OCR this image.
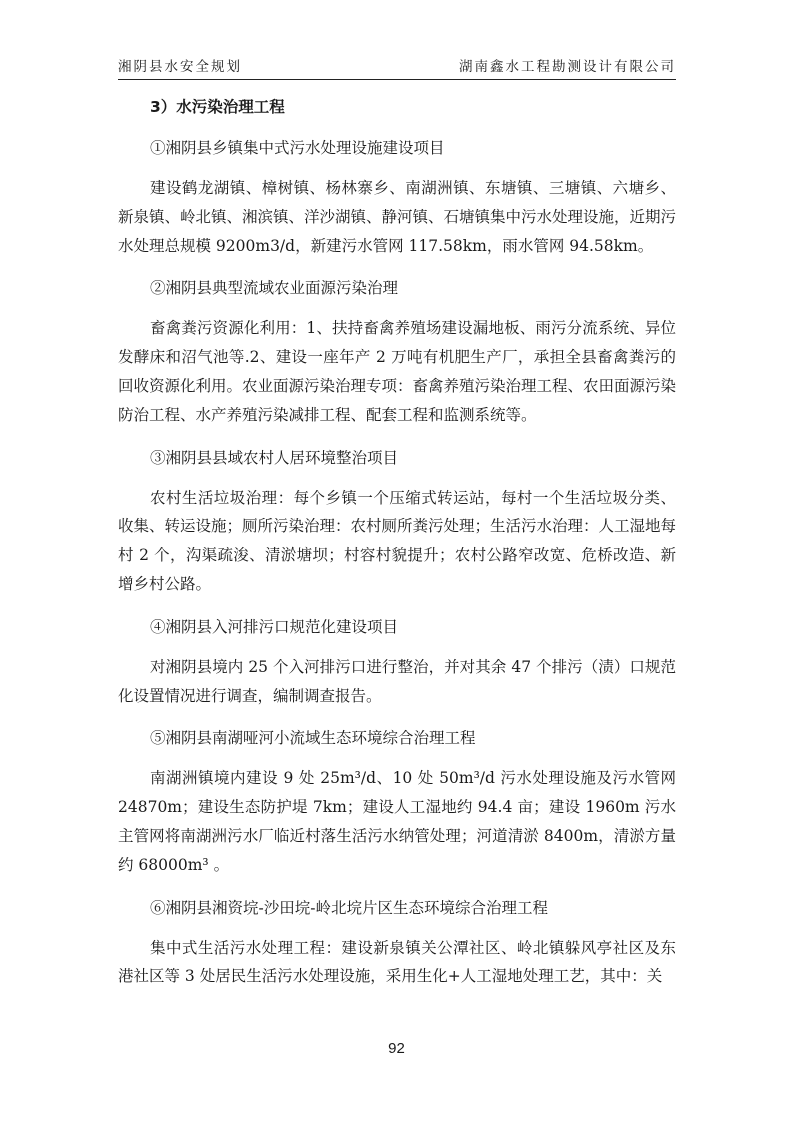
湘阴县水安全规划	湖南鑫水工程勘测设计有限公司

3）水污染治理工程

①湘阴县乡镇集中式污水处理设施建设项目

建设鹤龙湖镇、樟树镇、杨林寨乡、南湖洲镇、东塘镇、三塘镇、六塘乡、新泉镇、岭北镇、湘滨镇、洋沙湖镇、静河镇、石塘镇集中污水处理设施，近期污水处理总规模 9200m3/d，新建污水管网 117.58km，雨水管网 94.58km。

②湘阴县典型流域农业面源污染治理

畜禽粪污资源化利用：1、扶持畜禽养殖场建设漏地板、雨污分流系统、异位发酵床和沼气池等.2、建设一座年产 2 万吨有机肥生产厂，承担全县畜禽粪污的回收资源化利用。农业面源污染治理专项：畜禽养殖污染治理工程、农田面源污染防治工程、水产养殖污染减排工程、配套工程和监测系统等。

③湘阴县县域农村人居环境整治项目

农村生活垃圾治理：每个乡镇一个压缩式转运站，每村一个生活垃圾分类、收集、转运设施；厕所污染治理：农村厕所粪污处理；生活污水治理：人工湿地每村 2 个，沟渠疏浚、清淤塘坝；村容村貌提升；农村公路窄改宽、危桥改造、新增乡村公路。

④湘阴县入河排污口规范化建设项目

对湘阴县境内 25 个入河排污口进行整治，并对其余 47 个排污（渍）口规范化设置情况进行调查，编制调查报告。

⑤湘阴县南湖哑河小流域生态环境综合治理工程

南湖洲镇境内建设 9 处 25m³/d、10 处 50m³/d 污水处理设施及污水管网 24870m；建设生态防护堤 7km；建设人工湿地约 94.4 亩；建设 1960m 污水主管网将南湖洲污水厂临近村落生活污水纳管处理；河道清淤 8400m，清淤方量约 68000m³ 。

⑥湘阴县湘资垸-沙田垸-岭北垸片区生态环境综合治理工程

集中式生活污水处理工程：建设新泉镇关公潭社区、岭北镇躲风亭社区及东港社区等 3 处居民生活污水处理设施，采用生化+人工湿地处理工艺，其中：关

92
